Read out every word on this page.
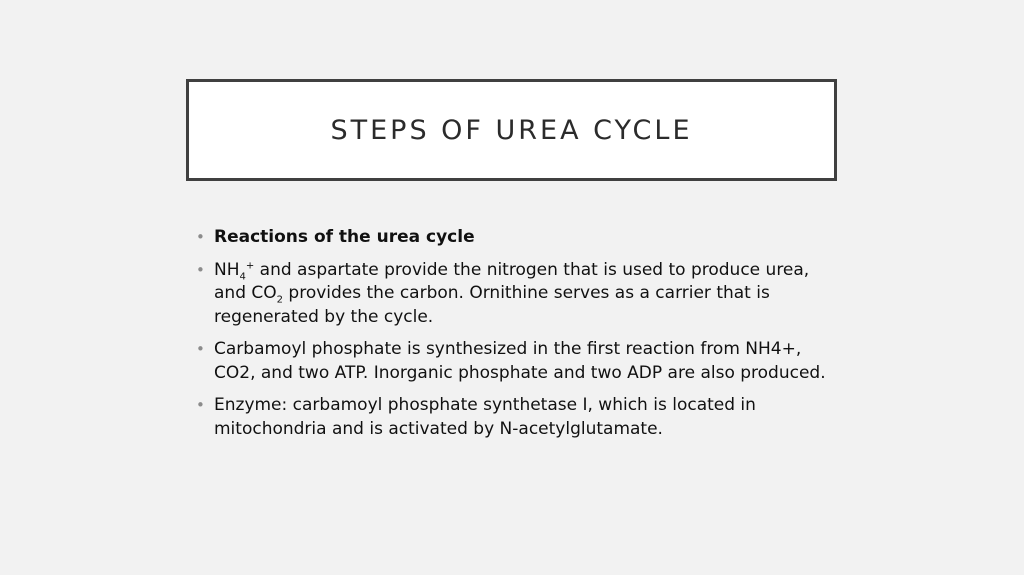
STEPS OF UREA CYCLE
• Reactions of the urea cycle
• $NH_4^+$ and aspartate provide the nitrogen that is used to produce urea, and $CO_2$ provides the carbon. Ornithine serves as a carrier that is regenerated by the cycle.
• Carbamoyl phosphate is synthesized in the first reaction from NH4+, CO2, and two ATP. Inorganic phosphate and two ADP are also produced.
• Enzyme: carbamoyl phosphate synthetase I, which is located in mitochondria and is activated by N-acetylglutamate.
